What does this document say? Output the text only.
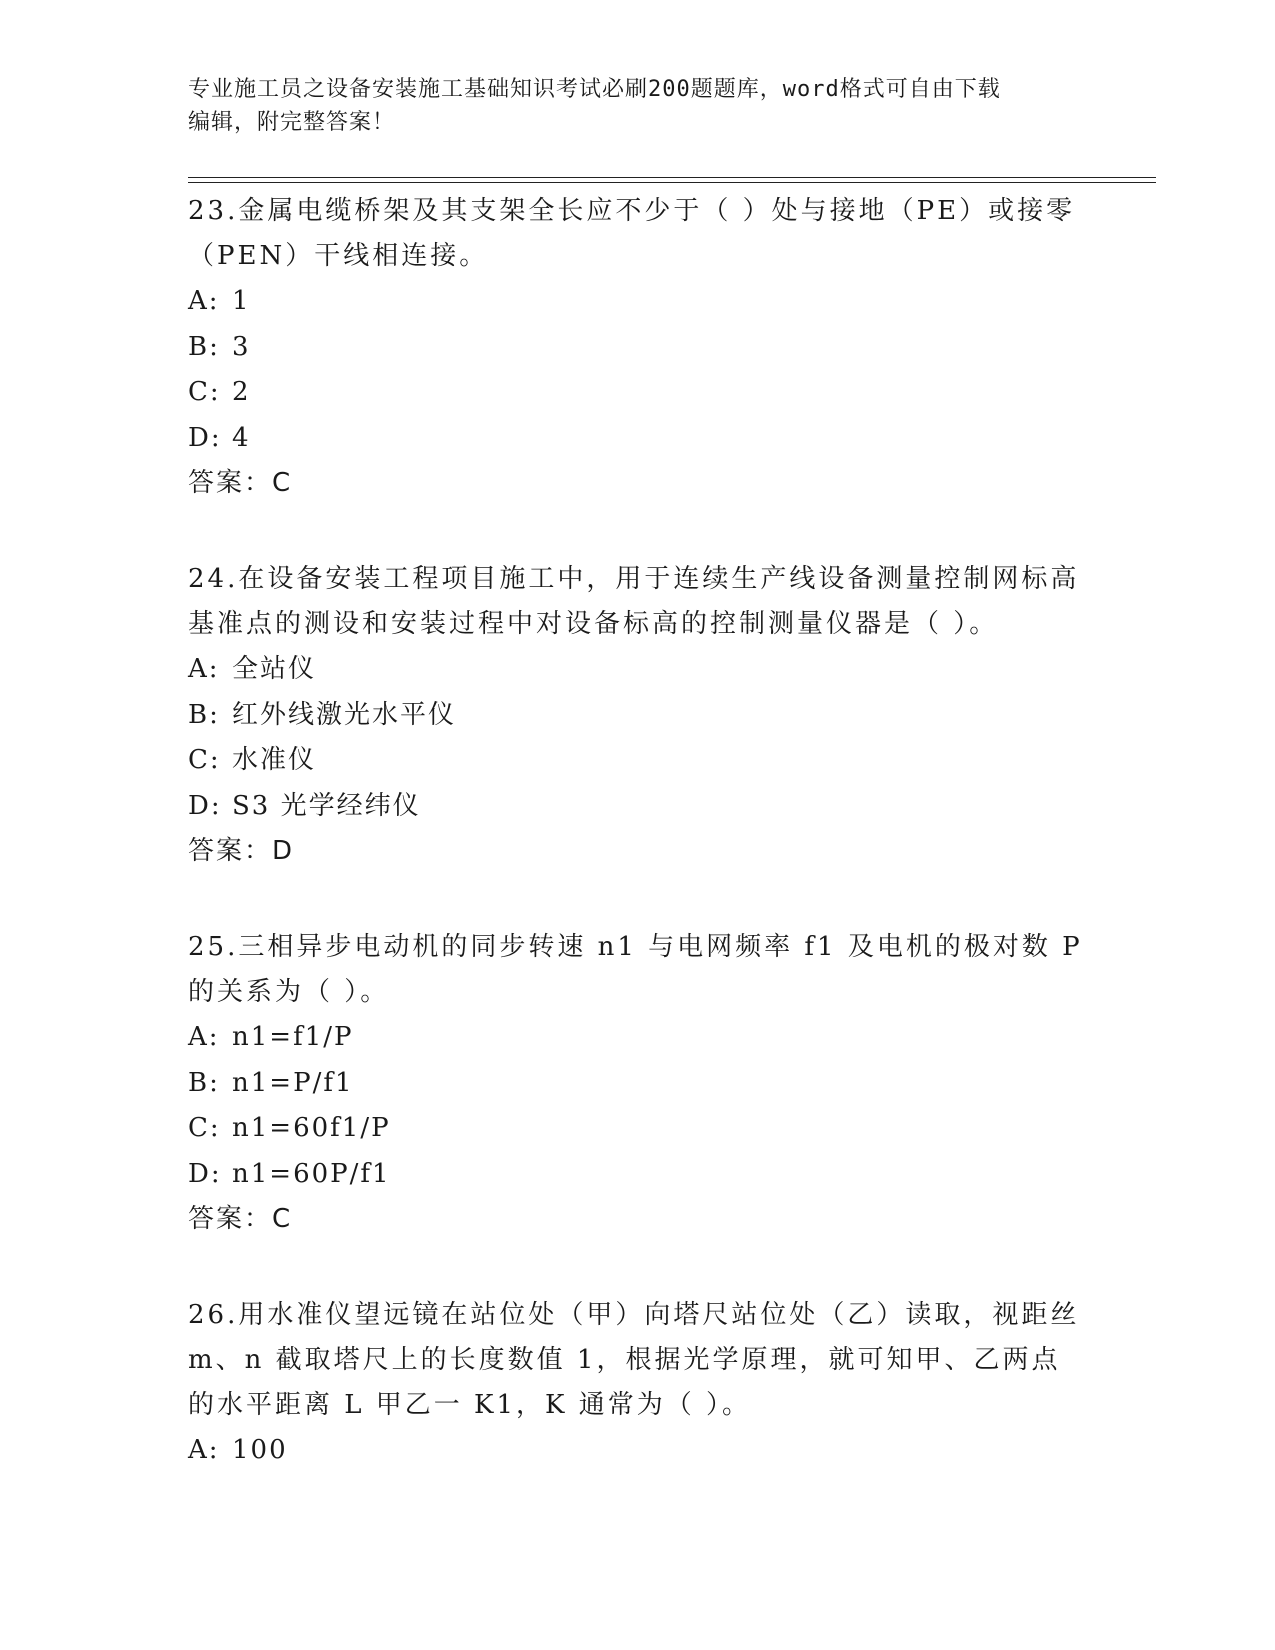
专业施工员之设备安装施工基础知识考试必刷200题题库，word格式可自由下载
编辑，附完整答案！

23.金属电缆桥架及其支架全长应不少于（ ）处与接地（PE）或接零（PEN）干线相连接。

A: 1

B: 3

C: 2

D: 4

答案：C

24.在设备安装工程项目施工中，用于连续生产线设备测量控制网标高基准点的测设和安装过程中对设备标高的控制测量仪器是（ ）。

A: 全站仪

B: 红外线激光水平仪

C: 水准仪

D: S3 光学经纬仪

答案：D

25.三相异步电动机的同步转速 n1 与电网频率 f1 及电机的极对数 P 的关系为（ ）。

A: n1=f1/P

B: n1=P/f1

C: n1=60f1/P

D: n1=60P/f1

答案：C

26.用水准仪望远镜在站位处（甲）向塔尺站位处（乙）读取，视距丝m、n 截取塔尺上的长度数值 1，根据光学原理，就可知甲、乙两点的水平距离 L 甲乙一 K1，K 通常为（ ）。

A: 100
